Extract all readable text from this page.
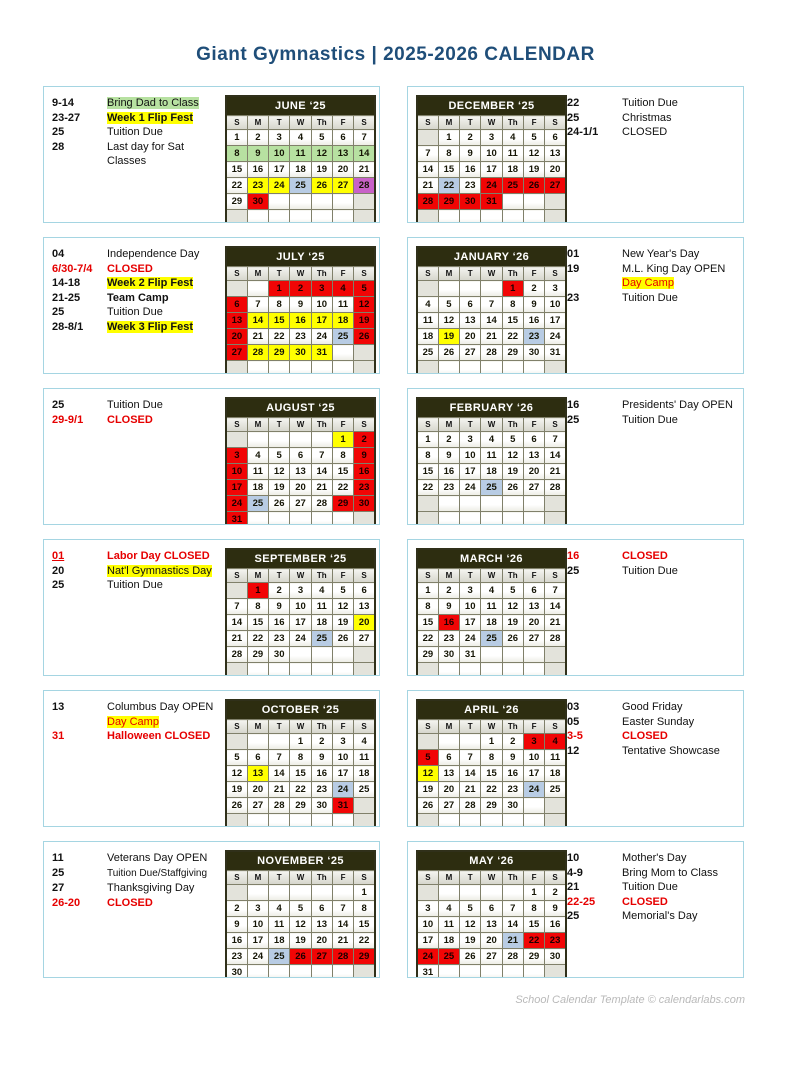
Giant Gymnastics | 2025-2026 CALENDAR
9-14	Bring Dad to Class
23-27	Week 1 Flip Fest
25	Tuition Due
28	Last day for Sat Classes
JUNE ‘25						
S	M	T	W	Th	F	S
1	2	3	4	5	6	7
8	9	10	11	12	13	14
15	16	17	18	19	20	21
22	23	24	25	26	27	28
29	30					

DECEMBER ‘25						
S	M	T	W	Th	F	S
	1	2	3	4	5	6
7	8	9	10	11	12	13
14	15	16	17	18	19	20
21	22	23	24	25	26	27
28	29	30	31			

22	Tuition Due
25	Christmas
24-1/1	CLOSED
04	Independence Day
6/30-7/4	CLOSED
14-18	Week 2 Flip Fest
21-25	Team Camp
25	Tuition Due
28-8/1	Week 3 Flip Fest
JULY ‘25						
S	M	T	W	Th	F	S
		1	2	3	4	5
6	7	8	9	10	11	12
13	14	15	16	17	18	19
20	21	22	23	24	25	26
27	28	29	30	31		

JANUARY ‘26						
S	M	T	W	Th	F	S
				1	2	3
4	5	6	7	8	9	10
11	12	13	14	15	16	17
18	19	20	21	22	23	24
25	26	27	28	29	30	31

01	New Year's Day
19	M.L. King Day OPEN
Day Camp
23	Tuition Due
25	Tuition Due
29-9/1	CLOSED
AUGUST ‘25						
S	M	T	W	Th	F	S
					1	2
3	4	5	6	7	8	9
10	11	12	13	14	15	16
17	18	19	20	21	22	23
24	25	26	27	28	29	30
31						
FEBRUARY ‘26						
S	M	T	W	Th	F	S
1	2	3	4	5	6	7
8	9	10	11	12	13	14
15	16	17	18	19	20	21
22	23	24	25	26	27	28

16	Presidents' Day OPEN
25	Tuition Due
01	Labor Day CLOSED
20	Nat'l Gymnastics Day
25	Tuition Due
SEPTEMBER ‘25						
S	M	T	W	Th	F	S
	1	2	3	4	5	6
7	8	9	10	11	12	13
14	15	16	17	18	19	20
21	22	23	24	25	26	27
28	29	30				

MARCH ‘26						
S	M	T	W	Th	F	S
1	2	3	4	5	6	7
8	9	10	11	12	13	14
15	16	17	18	19	20	21
22	23	24	25	26	27	28
29	30	31				

16	CLOSED
25	Tuition Due
13	Columbus Day OPEN
Day Camp
31	Halloween CLOSED
OCTOBER ‘25						
S	M	T	W	Th	F	S
			1	2	3	4
5	6	7	8	9	10	11
12	13	14	15	16	17	18
19	20	21	22	23	24	25
26	27	28	29	30	31	

APRIL ‘26						
S	M	T	W	Th	F	S
			1	2	3	4
5	6	7	8	9	10	11
12	13	14	15	16	17	18
19	20	21	22	23	24	25
26	27	28	29	30		

03	Good Friday
05	Easter Sunday
3-5	CLOSED
12	Tentative Showcase
11	Veterans Day OPEN
25	Tuition Due/Staffgiving
27	Thanksgiving Day
26-20	CLOSED
NOVEMBER ‘25						
S	M	T	W	Th	F	S
						1
2	3	4	5	6	7	8
9	10	11	12	13	14	15
16	17	18	19	20	21	22
23	24	25	26	27	28	29
30						
MAY ‘26						
S	M	T	W	Th	F	S
					1	2
3	4	5	6	7	8	9
10	11	12	13	14	15	16
17	18	19	20	21	22	23
24	25	26	27	28	29	30
31						
10	Mother's Day
4-9	Bring Mom to Class
21	Tuition Due
22-25	CLOSED
25	Memorial's Day
School Calendar Template © calendarlabs.com
